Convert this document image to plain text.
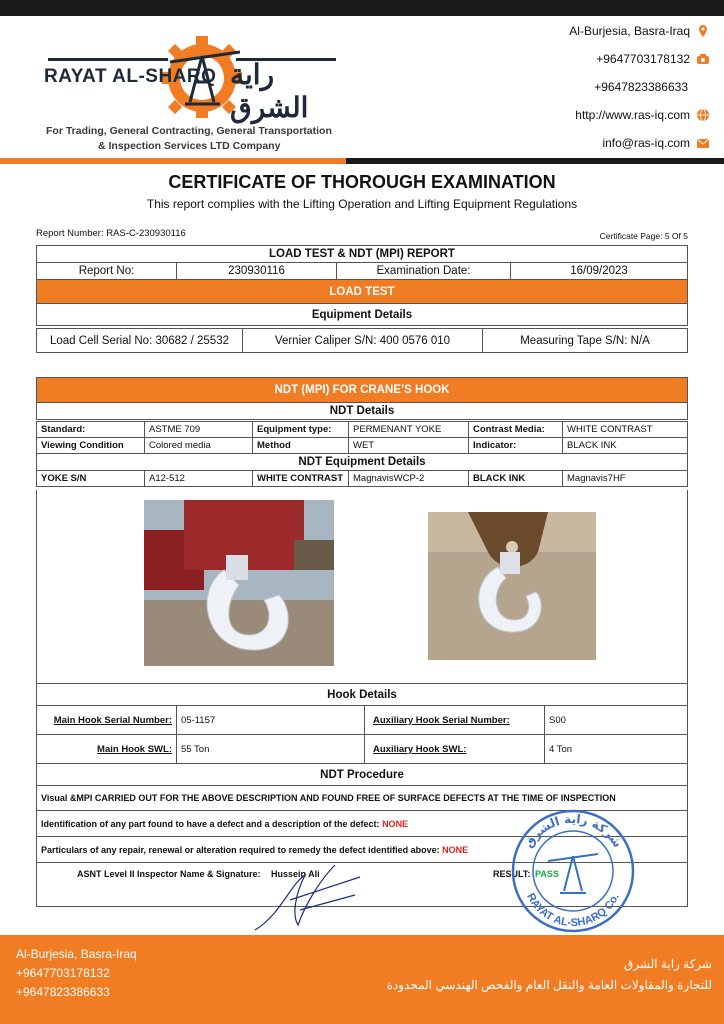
RAYAT AL-SHARQ راية الشرق
For Trading, General Contracting, General Transportation
& Inspection Services LTD Company
Al-Burjesia, Basra-Iraq
+9647703178132
+9647823386633
http://www.ras-iq.com
info@ras-iq.com
CERTIFICATE OF THOROUGH EXAMINATION
This report complies with the Lifting Operation and Lifting Equipment Regulations
Report Number: RAS-C-230930116	Certificate Page: 5 Of 5
LOAD TEST & NDT (MPI) REPORT
Report No:	230930116	Examination Date:	16/09/2023
LOAD TEST
Equipment Details
Load Cell Serial No: 30682 / 25532	Vernier Caliper S/N: 400 0576 010	Measuring Tape S/N: N/A
NDT (MPI) FOR CRANE’S HOOK
NDT Details
Standard:	ASTME 709	Equipment type:	PERMENANT YOKE	Contrast Media:	WHITE CONTRAST
Viewing Condition	Colored media	Method	WET	Indicator:	BLACK INK
NDT Equipment Details					
YOKE S/N	A12-512	WHITE CONTRAST	MagnavisWCP-2	BLACK INK	Magnavis7HF
Hook Details			
Main Hook Serial Number:	05-1157	Auxiliary Hook Serial Number:	S00
Main Hook SWL:	55 Ton	Auxiliary Hook SWL:	4 Ton
NDT Procedure			
Visual &MPI CARRIED OUT FOR THE ABOVE DESCRIPTION AND FOUND FREE OF SURFACE DEFECTS AT THE TIME OF INSPECTION			
Identification of any part found to have a defect and a description of the defect: NONE			
Particulars of any repair, renewal or alteration required to remedy the defect identified above: NONE			

ASNT Level II Inspector Name & Signature: Hussein Ali RESULT: PASS			
شركة راية الشرق
RAYAT AL-SHARQ Co.
Al-Burjesia, Basra-Iraq
+9647703178132
+9647823386633
شركة راية الشرق
للتجارة والمقاولات العامة والنقل العام والفحص الهندسي المحدودة
